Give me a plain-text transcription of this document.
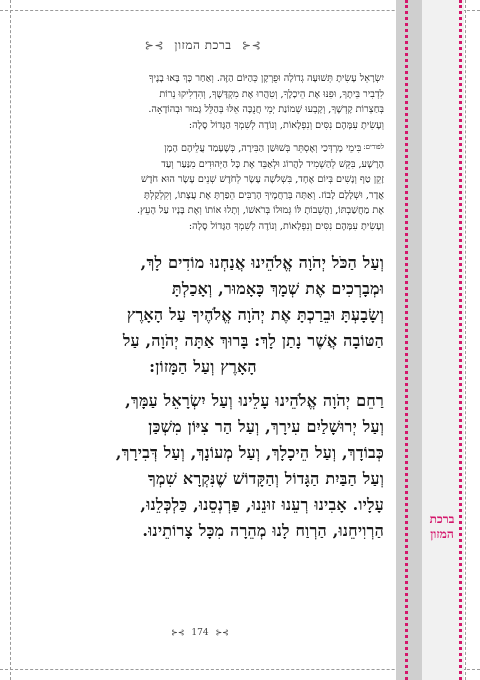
ברכת
המזון
⊱⊰ ברכת המזון ⊱⊰
יִשְׂרָאֵל עָשִׂיתָ תְּשׁוּעָה גְדוֹלָה וּפֻרְקָן כְּהַיּוֹם הַזֶּה. וְאַחַר כָּךְ בָּאוּ בָנֶיךָ
לִדְבִיר בֵּיתֶךָ, וּפִנּוּ אֶת הֵיכָלֶךָ, וְטִהֲרוּ אֶת מִקְדָּשֶׁךָ, וְהִדְלִיקוּ נֵרוֹת
בְּחַצְרוֹת קָדְשֶׁךָ, וְקָבְעוּ שְׁמוֹנַת יְמֵי חֲנֻכָּה אֵלּוּ בְּהַלֵּל גָּמוּר וּבְהוֹדָאָה.
וְעָשִׂיתָ עִמָּהֶם נִסִּים וְנִפְלָאוֹת, וְנוֹדֶה לְשִׁמְךָ הַגָּדוֹל סֶלָה:
$^{לפורים:}$בִּימֵי מָרְדְּכַי וְאֶסְתֵּר בְּשׁוּשַׁן הַבִּירָה, כְּשֶׁעָמַד עֲלֵיהֶם הָמָן
הָרָשָׁע, בִּקֵּשׁ לְהַשְׁמִיד לַהֲרוֹג וּלְאַבֵּד אֶת כָּל הַיְּהוּדִים מִנַּעַר וְעַד
זָקֵן טַף וְנָשִׁים בְּיוֹם אֶחָד, בִּשְׁלֹשָׁה עָשָׂר לְחֹדֶשׁ שְׁנֵים עָשָׂר הוּא חֹדֶשׁ
אֲדָר, וּשְׁלָלָם לָבוֹז. וְאַתָּה בְּרַחֲמֶיךָ הָרַבִּים הֵפַרְתָּ אֶת עֲצָתוֹ, וְקִלְקַלְתָּ
אֶת מַחֲשַׁבְתּוֹ, וַהֲשֵׁבוֹתָ לּוֹ גְּמוּלוֹ בְּרֹאשׁוֹ, וְתָלוּ אוֹתוֹ וְאֶת בָּנָיו עַל הָעֵץ.
וְעָשִׂיתָ עִמָּהֶם נִסִּים וְנִפְלָאוֹת, וְנוֹדֶה לְשִׁמְךָ הַגָּדוֹל סֶלָה:
וְעַל הַכֹּל יְהֹוָה אֱלֹהֵינוּ אֲנַחְנוּ מוֹדִים לָךְ,
וּמְבָרְכִים אֶת שְׁמָךְ כָּאָמוּר, וְאָכַלְתָּ
וְשָׂבָעְתָּ וּבֵרַכְתָּ אֶת יְהֹוָה אֱלֹהֶיךָ עַל הָאָרֶץ
הַטּוֹבָה אֲשֶׁר נָתַן לָךְ: בָּרוּךְ אַתָּה יְהֹוָה, עַל
הָאָרֶץ וְעַל הַמָּזוֹן:
רַחֵם יְהֹוָה אֱלֹהֵינוּ עָלֵינוּ וְעַל יִשְׂרָאֵל עַמָּךְ,
וְעַל יְרוּשָׁלַיִם עִירָךְ, וְעַל הַר צִיּוֹן מִשְׁכַּן
כְּבוֹדָךְ, וְעַל הֵיכָלָךְ, וְעַל מְעוֹנָךְ, וְעַל דְּבִירָךְ,
וְעַל הַבַּיִת הַגָּדוֹל וְהַקָּדוֹשׁ שֶׁנִּקְרָא שִׁמְךָ
עָלָיו. אָבִינוּ רְעֵנוּ זוּנֵנוּ, פַּרְנְסֵנוּ, כַּלְכְּלֵנוּ,
הַרְוִיחֵנוּ, הַרְוַח לָנוּ מְהֵרָה מִכָּל צָרוֹתֵינוּ.
⊱⊰ 174 ⊱⊰
